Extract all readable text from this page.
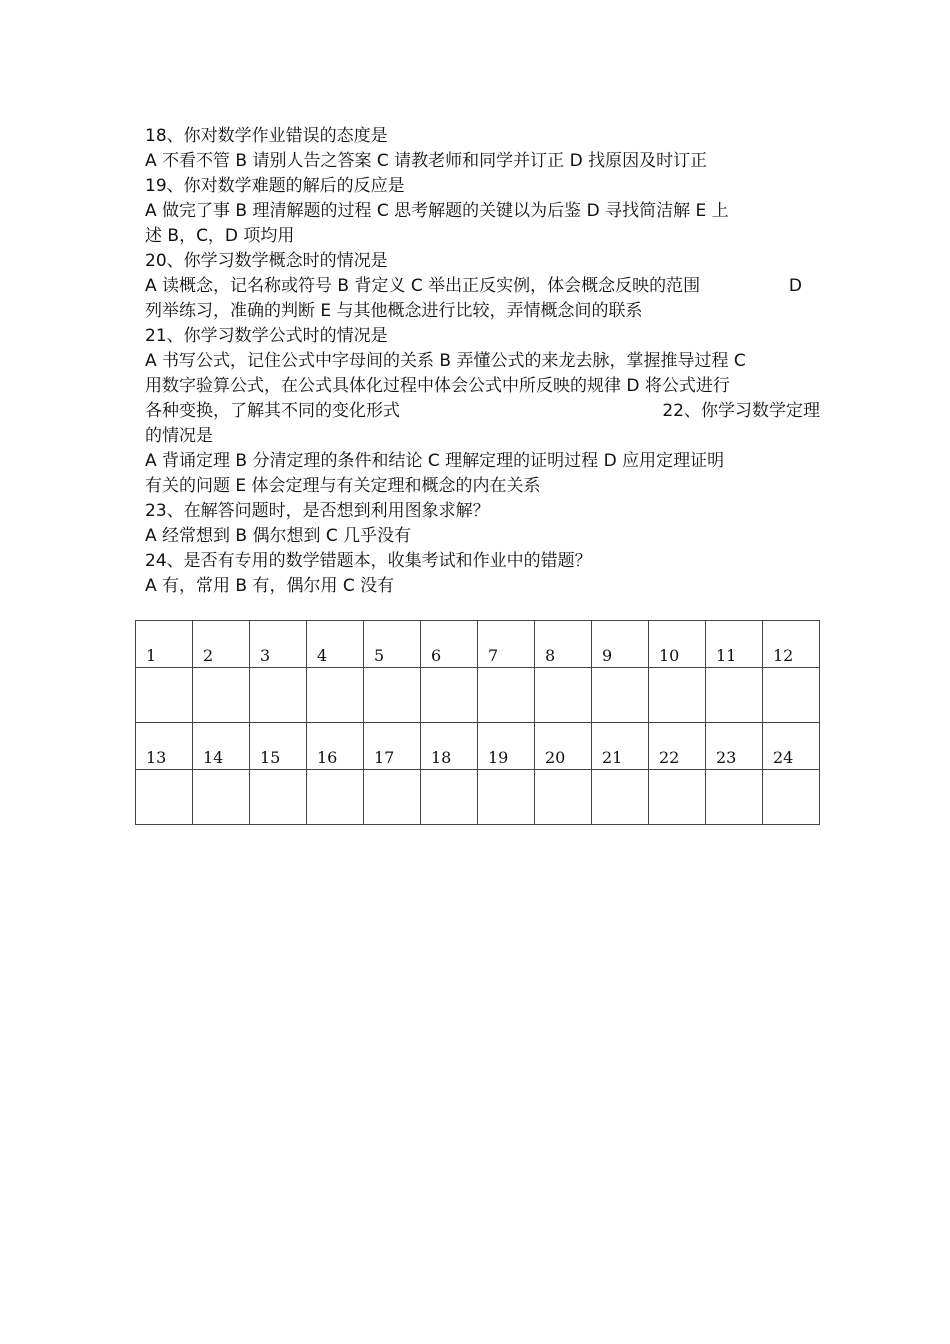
18、你对数学作业错误的态度是
A 不看不管 B 请别人告之答案 C 请教老师和同学并订正 D 找原因及时订正
19、你对数学难题的解后的反应是
A 做完了事 B 理清解题的过程 C 思考解题的关键以为后鉴 D 寻找简洁解 E 上
述 B，C，D 项均用
20、你学习数学概念时的情况是
A 读概念，记名称或符号 B 背定义 C 举出正反实例，体会概念反映的范围	D
列举练习，准确的判断 E 与其他概念进行比较，弄情概念间的联系
21、你学习数学公式时的情况是
A 书写公式，记住公式中字母间的关系 B 弄懂公式的来龙去脉，掌握推导过程 C
用数字验算公式，在公式具体化过程中体会公式中所反映的规律 D 将公式进行
各种变换，了解其不同的变化形式	22、你学习数学定理
的情况是
A 背诵定理 B 分清定理的条件和结论 C 理解定理的证明过程 D 应用定理证明
有关的问题 E 体会定理与有关定理和概念的内在关系
23、在解答问题时，是否想到利用图象求解？
A 经常想到 B 偶尔想到 C 几乎没有
24、是否有专用的数学错题本，收集考试和作业中的错题？
A 有，常用 B 有，偶尔用 C 没有
1	2	3	4	5	6	7	8	9	10	11	12

13	14	15	16	17	18	19	20	21	22	23	24
